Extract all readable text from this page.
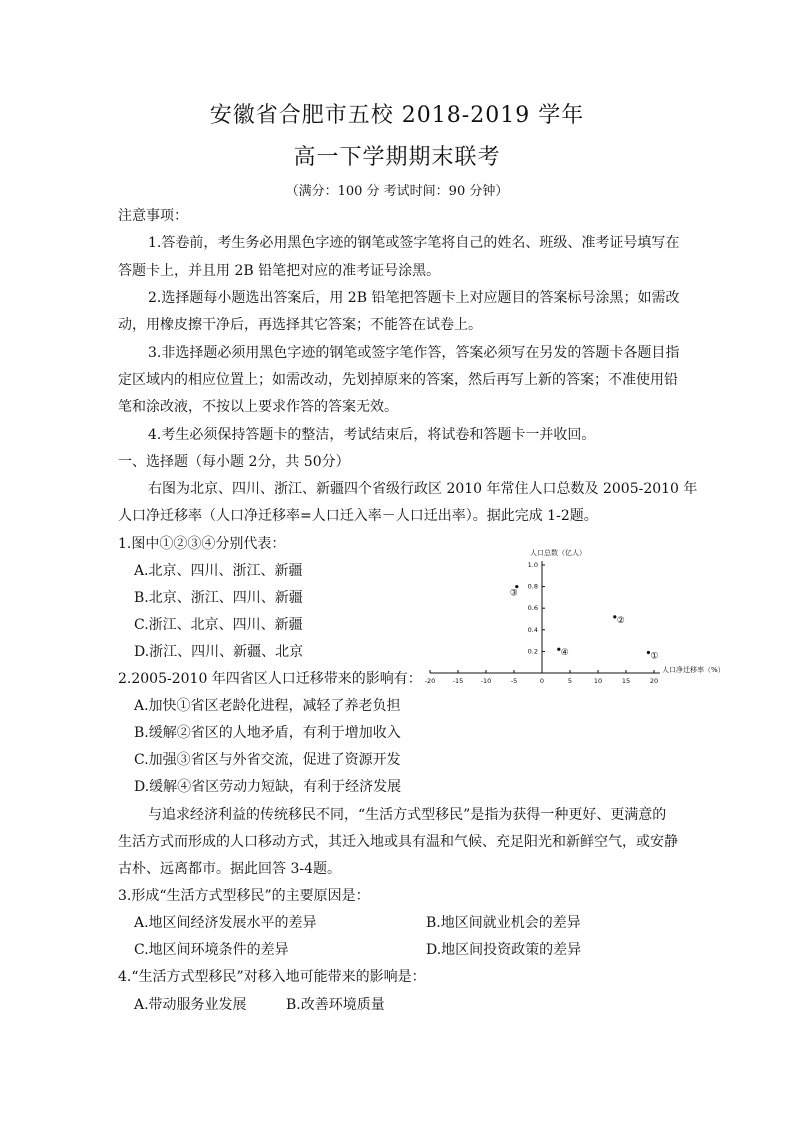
安徽省合肥市五校 2018-2019 学年
高一下学期期末联考
（满分：100 分 考试时间：90 分钟）
注意事项：
1.答卷前，考生务必用黑色字迹的钢笔或签字笔将自己的姓名、班级、准考证号填写在
答题卡上，并且用 2B 铅笔把对应的准考证号涂黑。
2.选择题每小题选出答案后，用 2B 铅笔把答题卡上对应题目的答案标号涂黑；如需改
动，用橡皮擦干净后，再选择其它答案；不能答在试卷上。
3.非选择题必须用黑色字迹的钢笔或签字笔作答，答案必须写在另发的答题卡各题目指
定区域内的相应位置上；如需改动，先划掉原来的答案，然后再写上新的答案；不准使用铅
笔和涂改液，不按以上要求作答的答案无效。
4.考生必须保持答题卡的整洁，考试结束后，将试卷和答题卡一并收回。
一、选择题（每小题 2分，共 50分）
右图为北京、四川、浙江、新疆四个省级行政区 2010 年常住人口总数及 2005-2010 年
人口净迁移率（人口净迁移率=人口迁入率－人口迁出率）。据此完成 1-2题。
1.图中①②③④分别代表：
A.北京、四川、浙江、新疆
B.北京、浙江、四川、新疆
C.浙江、北京、四川、新疆
D.浙江、四川、新疆、北京
2.2005-2010 年四省区人口迁移带来的影响有：
A.加快①省区老龄化进程，减轻了养老负担
B.缓解②省区的人地矛盾，有利于增加收入
C.加强③省区与外省交流，促进了资源开发
D.缓解④省区劳动力短缺，有利于经济发展
与追求经济利益的传统移民不同，“生活方式型移民”是指为获得一种更好、更满意的
生活方式而形成的人口移动方式，其迁入地或具有温和气候、充足阳光和新鲜空气，或安静
古朴、远离都市。据此回答 3-4题。
3.形成“生活方式型移民”的主要原因是：
A.地区间经济发展水平的差异	B.地区间就业机会的差异
C.地区间环境条件的差异	D.地区间投资政策的差异
4.“生活方式型移民”对移入地可能带来的影响是：
A.带动服务业发展	B.改善环境质量
-20	-15	-10	-5	0	5	10	15	20
1.0
0.8
0.6
0.4
0.2
人口总数（亿人）
人口净迁移率（%）
①
②
③
④
